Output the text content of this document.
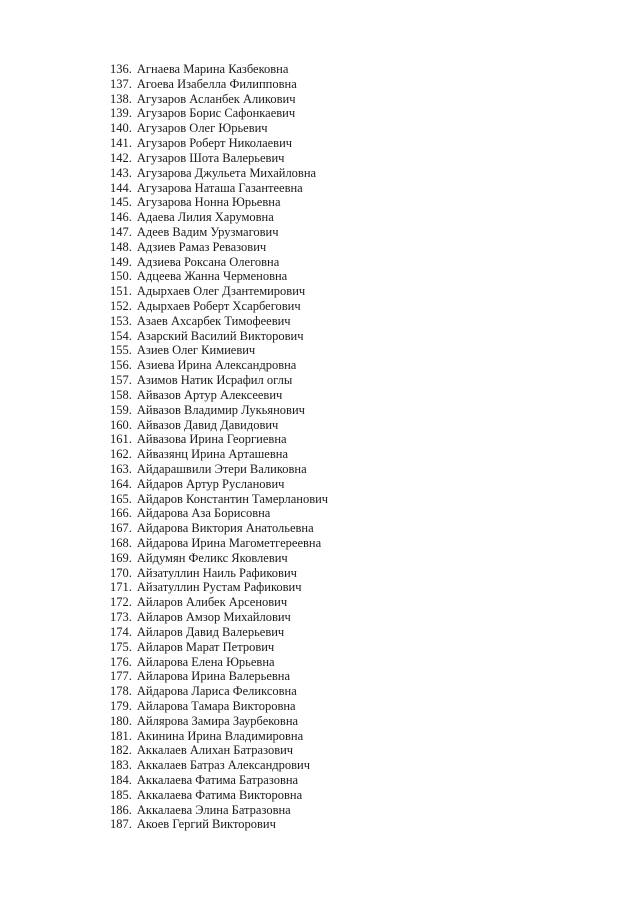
136. Агнаева Марина Казбековна
137. Агоева Изабелла Филипповна
138. Агузаров Асланбек Аликович
139. Агузаров Борис Сафонкаевич
140. Агузаров Олег Юрьевич
141. Агузаров Роберт Николаевич
142. Агузаров Шота Валерьевич
143. Агузарова Джульета Михайловна
144. Агузарова Наташа Газантеевна
145. Агузарова Нонна Юрьевна
146. Адаева Лилия Харумовна
147. Адеев Вадим Урузмагович
148. Адзиев Рамаз Ревазович
149. Адзиева Роксана Олеговна
150. Адцеева Жанна Черменовна
151. Адырхаев Олег Дзантемирович
152. Адырхаев Роберт Хсарбегович
153. Азаев Ахсарбек Тимофеевич
154. Азарский Василий Викторович
155. Азиев Олег Кимиевич
156. Азиева Ирина Александровна
157. Азимов Натик Исрафил оглы
158. Айвазов Артур Алексеевич
159. Айвазов Владимир Лукьянович
160. Айвазов Давид Давидович
161. Айвазова Ирина Георгиевна
162. Айвазянц Ирина Арташевна
163. Айдарашвили Этери Валиковна
164. Айдаров Артур Русланович
165. Айдаров Константин Тамерланович
166. Айдарова Аза Борисовна
167. Айдарова Виктория Анатольевна
168. Айдарова Ирина Магометгереевна
169. Айдумян Феликс Яковлевич
170. Айзатуллин Наиль Рафикович
171. Айзатуллин Рустам Рафикович
172. Айларов Алибек Арсенович
173. Айларов Амзор Михайлович
174. Айларов Давид Валерьевич
175. Айларов Марат Петрович
176. Айларова Елена Юрьевна
177. Айларова Ирина Валерьевна
178. Айдарова Лариса Феликсовна
179. Айларова Тамара Викторовна
180. Айлярова Замира Заурбековна
181. Акинина Ирина Владимировна
182. Аккалаев Алихан Батразович
183. Аккалаев Батраз Александрович
184. Аккалаева Фатима Батразовна
185. Аккалаева Фатима Викторовна
186. Аккалаева Элина Батразовна
187. Акоев Гергий Викторович
